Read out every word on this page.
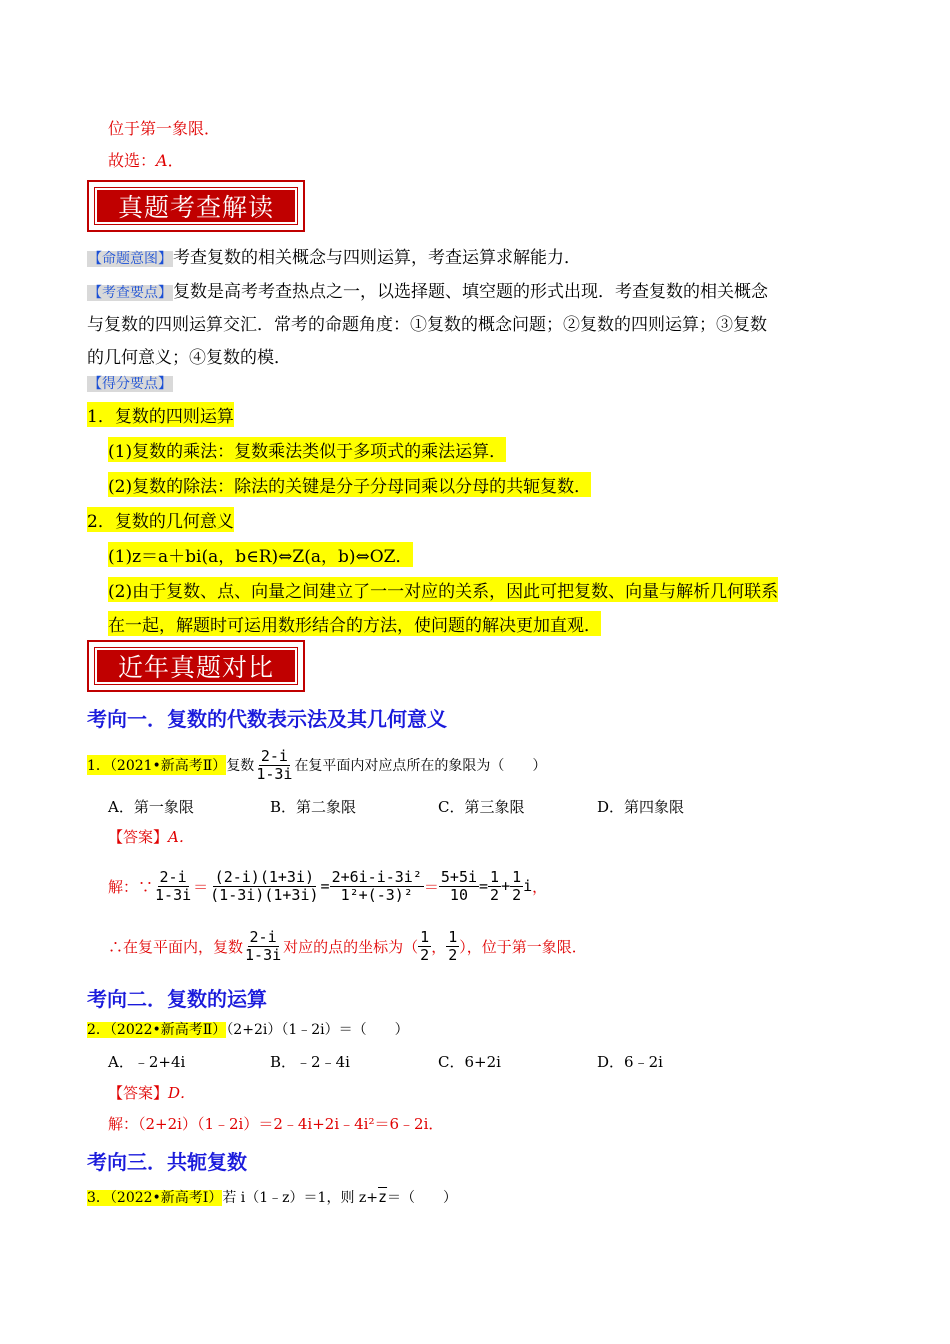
位于第一象限．
故选：A．
真题考查解读
【命题意图】考查复数的相关概念与四则运算，考查运算求解能力．
【考查要点】复数是高考考查热点之一，以选择题、填空题的形式出现．考查复数的相关概念
与复数的四则运算交汇．常考的命题角度：①复数的概念问题；②复数的四则运算；③复数
的几何意义；④复数的模．
【得分要点】
1．复数的四则运算
(1)复数的乘法：复数乘法类似于多项式的乘法运算．
(2)复数的除法：除法的关键是分子分母同乘以分母的共轭复数．
2．复数的几何意义
(1)z＝a＋bi(a，b∈R)⇔Z(a，b)⇔OZ．
(2)由于复数、点、向量之间建立了一一对应的关系，因此可把复数、向量与解析几何联系
在一起，解题时可运用数形结合的方法，使问题的解决更加直观．
近年真题对比
考向一．复数的代数表示法及其几何意义
1．（2021•新高考Ⅱ） 复数 $\frac{2-i}{1-3i}$ 在复平面内对应点所在的象限为（　　）
A．第一象限	B．第二象限	C．第三象限	D．第四象限
【答案】A．
解：∵ $\frac{2-i}{1-3i} = \frac{(2-i)(1+3i)}{(1-3i)(1+3i)} = \frac{\text{2+6i-i-3i²}}{\text{1²+(-3)²}} = \frac{5+5i}{10} = \frac{1}{2} + \frac{1}{2}$ i ，
∴在复平面内，复数 $\frac{2-i}{1-3i}$ 对应的点的坐标为（ $\frac{1}{2}$ ， $\frac{1}{2}$ ），位于第一象限．
考向二．复数的运算
2．（2022•新高考Ⅱ）（2+2i）（1﹣2i）＝（　　）
A．﹣2+4i	B．﹣2﹣4i	C．6+2i	D．6﹣2i
【答案】D．
解：（2+2i）（1﹣2i）＝2﹣4i+2i﹣4i²＝6﹣2i．
考向三．共轭复数
3．（2022•新高考Ⅰ）若 i（1﹣z）＝1，则 $z+\overline{z}=$（　　）
